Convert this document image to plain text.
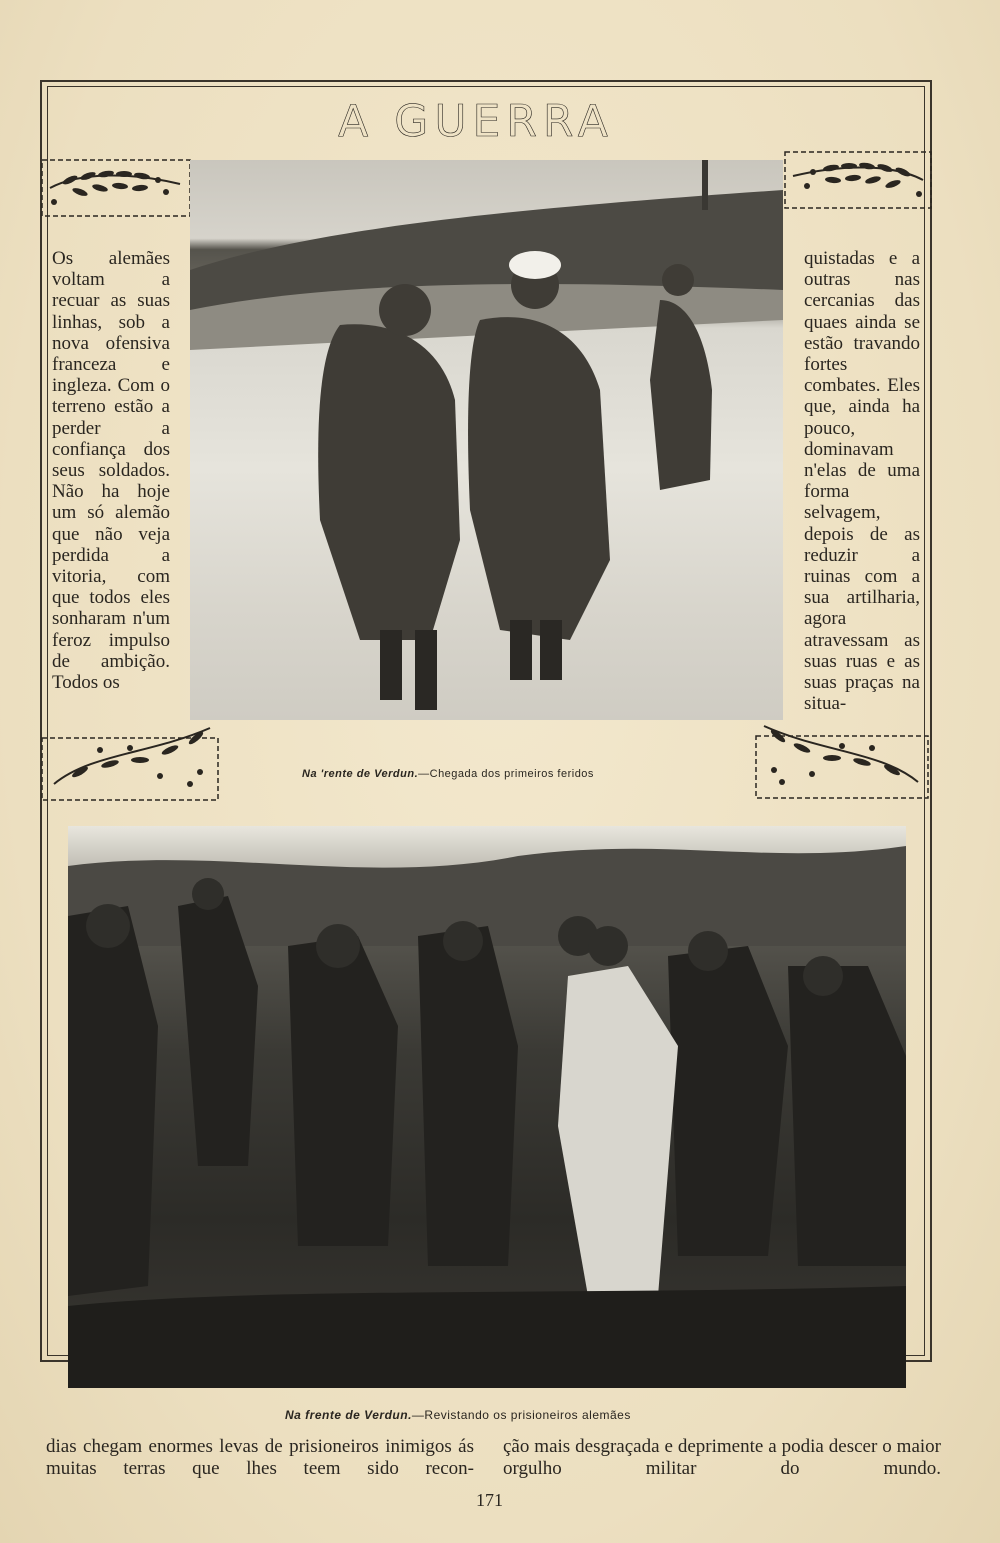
A GUERRA

Os alemães voltam a recuar as suas linhas, sob a nova ofensiva franceza e ingleza. Com o terreno estão a perder a confiança dos seus soldados. Não ha hoje um só alemão que não veja perdida a vitoria, com que todos eles sonharam n'um feroz impulso de ambição. Todos os

quistadas e a outras nas cercanias das quaes ainda se estão travando fortes combates. Eles que, ainda ha pouco, dominavam n'elas de uma forma selvagem, depois de as reduzir a ruinas com a sua artilharia, agora atravessam as suas ruas e as suas praças na situa-

Na 'rente de Verdun.—Chegada dos primeiros feridos
Na frente de Verdun.—Revistando os prisioneiros alemães

dias chegam enormes levas de prisioneiros inimigos ás muitas terras que lhes teem sido recon-

ção mais desgraçada e deprimente a podia descer o maior orgulho militar do mundo.

171
